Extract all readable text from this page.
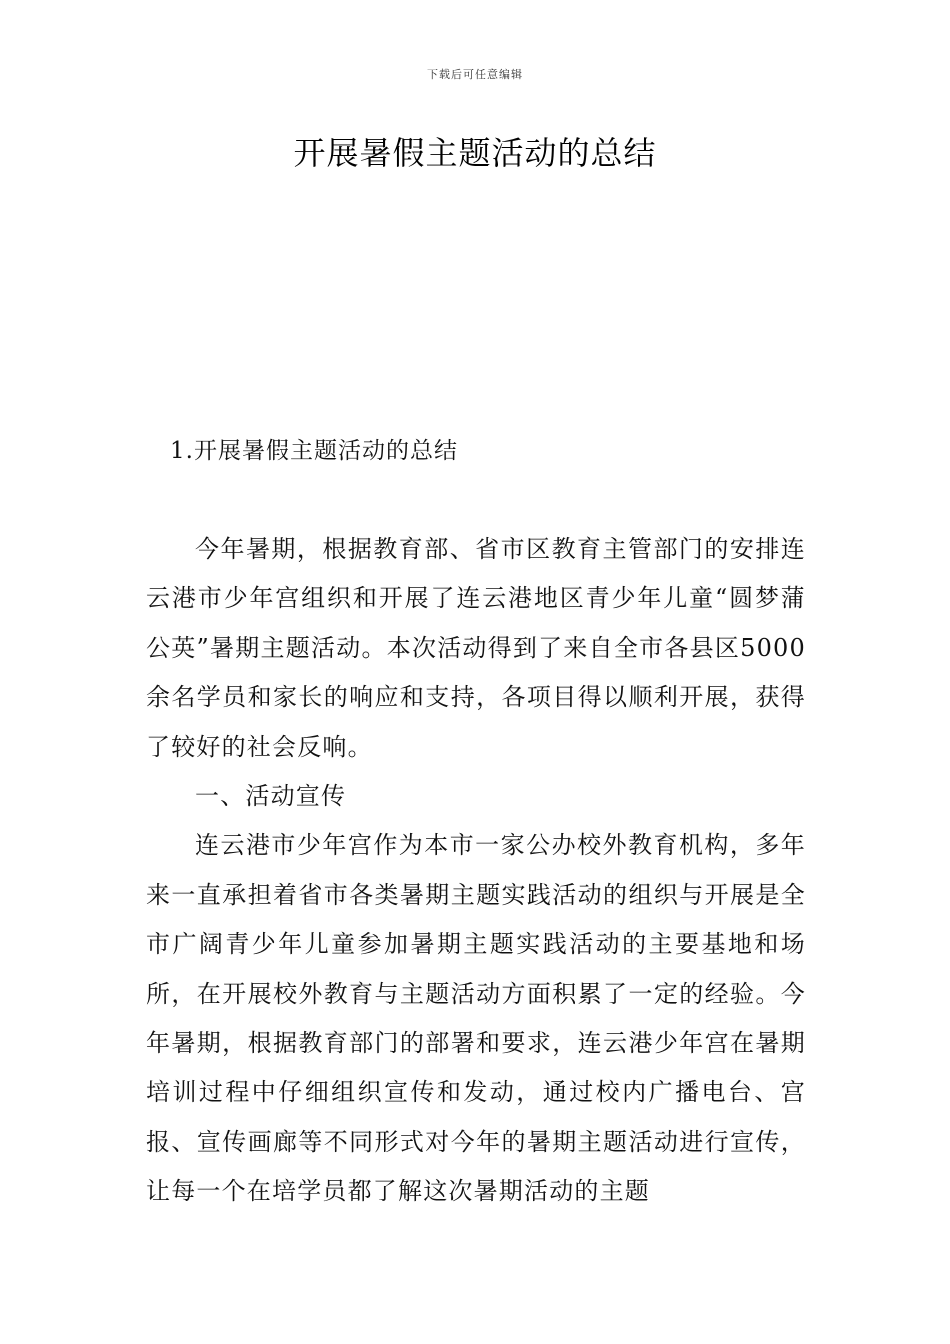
下载后可任意编辑
开展暑假主题活动的总结
1.开展暑假主题活动的总结

今年暑期，根据教育部、省市区教育主管部门的安排连云港市少年宫组织和开展了连云港地区青少年儿童“圆梦蒲公英”暑期主题活动。本次活动得到了来自全市各县区5000余名学员和家长的响应和支持，各项目得以顺利开展，获得了较好的社会反响。

一、活动宣传

连云港市少年宫作为本市一家公办校外教育机构，多年来一直承担着省市各类暑期主题实践活动的组织与开展是全市广阔青少年儿童参加暑期主题实践活动的主要基地和场所，在开展校外教育与主题活动方面积累了一定的经验。今年暑期，根据教育部门的部署和要求，连云港少年宫在暑期培训过程中仔细组织宣传和发动，通过校内广播电台、宫报、宣传画廊等不同形式对今年的暑期主题活动进行宣传，让每一个在培学员都了解这次暑期活动的主题
